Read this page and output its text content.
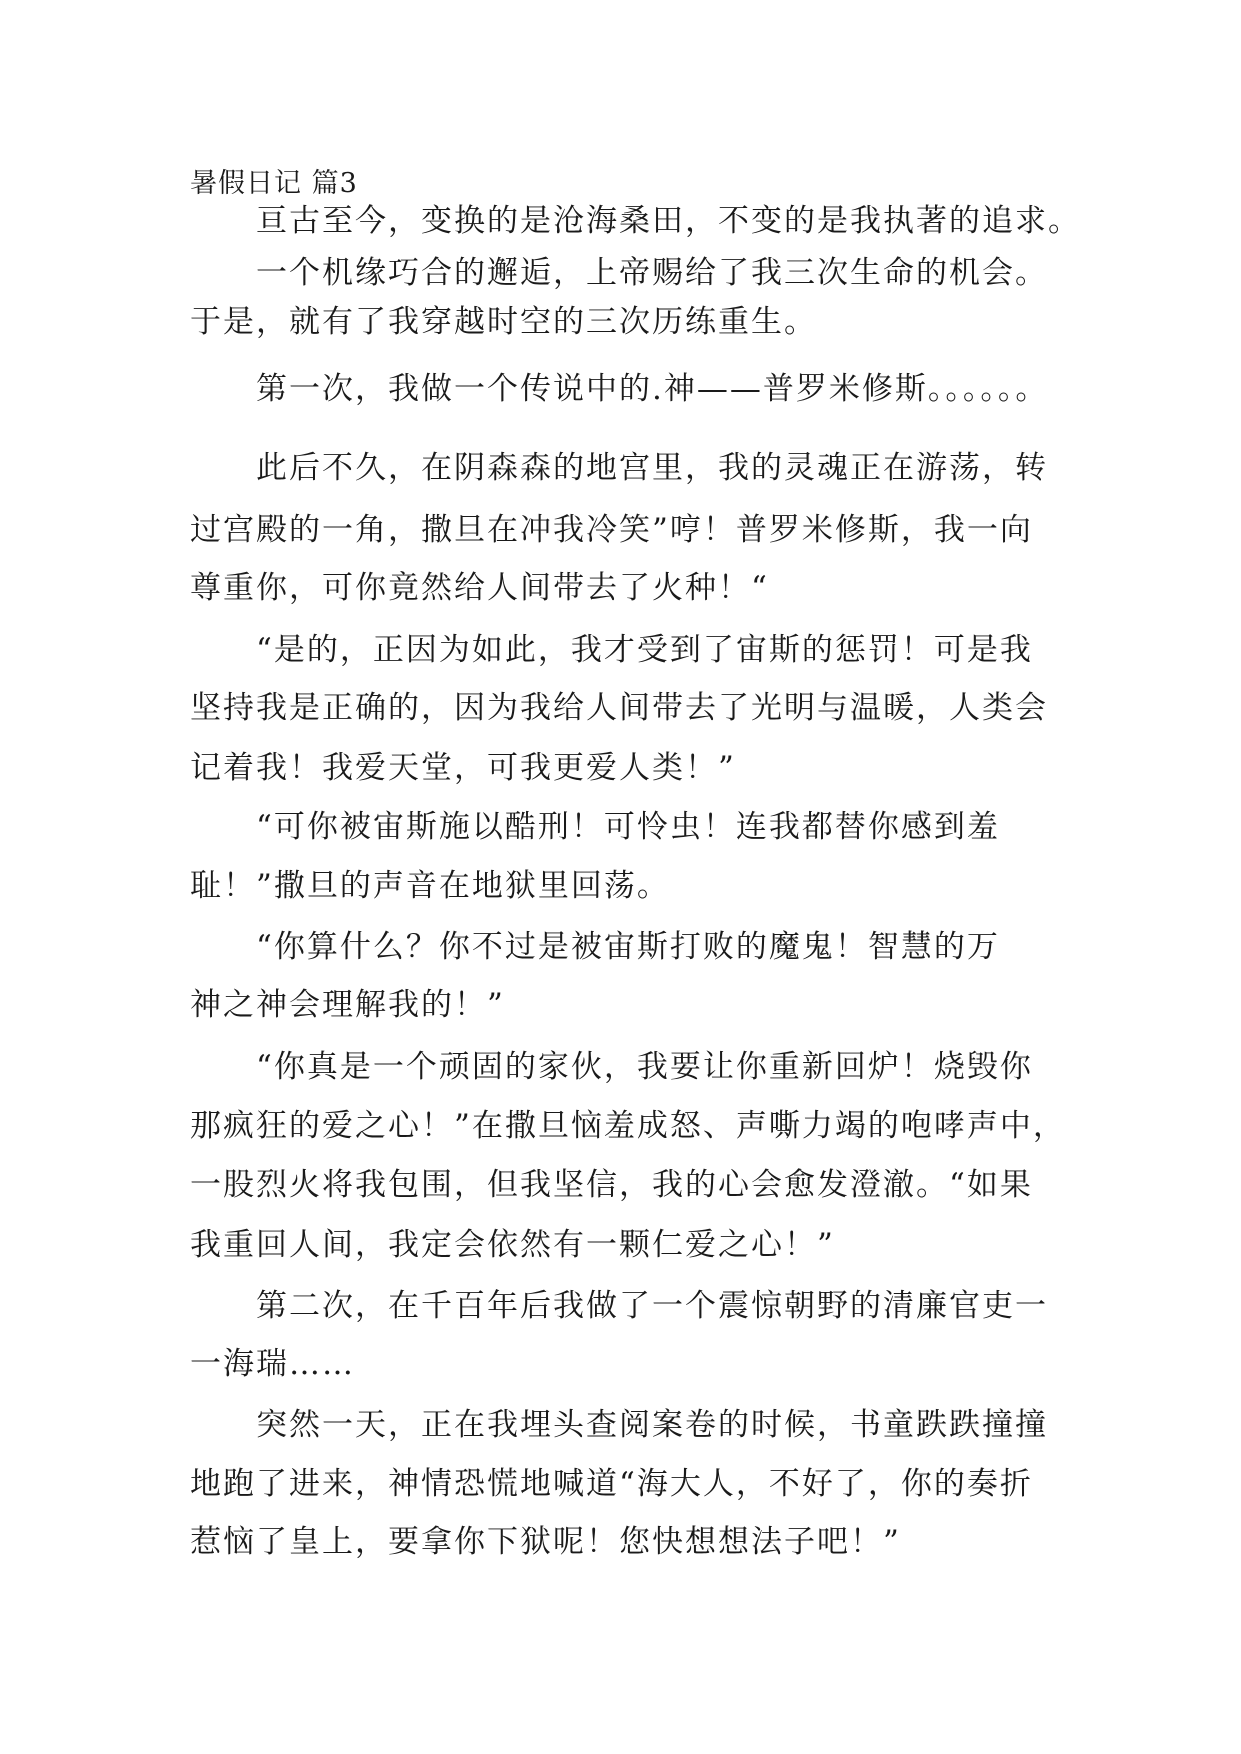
暑假日记 篇3
　　亘古至今，变换的是沧海桑田，不变的是我执著的追求。
　　一个机缘巧合的邂逅，上帝赐给了我三次生命的机会。
于是，就有了我穿越时空的三次历练重生。
　　第一次，我做一个传说中的.神——普罗米修斯。。。。。。
　　此后不久，在阴森森的地宫里，我的灵魂正在游荡，转
过宫殿的一角，撒旦在冲我冷笑”哼！普罗米修斯，我一向
尊重你，可你竟然给人间带去了火种！“
　　“是的，正因为如此，我才受到了宙斯的惩罚！可是我
坚持我是正确的，因为我给人间带去了光明与温暖，人类会
记着我！我爱天堂，可我更爱人类！”
　　“可你被宙斯施以酷刑！可怜虫！连我都替你感到羞
耻！”撒旦的声音在地狱里回荡。
　　“你算什么？你不过是被宙斯打败的魔鬼！智慧的万
神之神会理解我的！”
　　“你真是一个顽固的家伙，我要让你重新回炉！烧毁你
那疯狂的爱之心！”在撒旦恼羞成怒、声嘶力竭的咆哮声中，
一股烈火将我包围，但我坚信，我的心会愈发澄澈。“如果
我重回人间，我定会依然有一颗仁爱之心！”
　　第二次，在千百年后我做了一个震惊朝野的清廉官吏一
一海瑞……
　　突然一天，正在我埋头查阅案卷的时候，书童跌跌撞撞
地跑了进来，神情恐慌地喊道“海大人，不好了，你的奏折
惹恼了皇上，要拿你下狱呢！您快想想法子吧！”
